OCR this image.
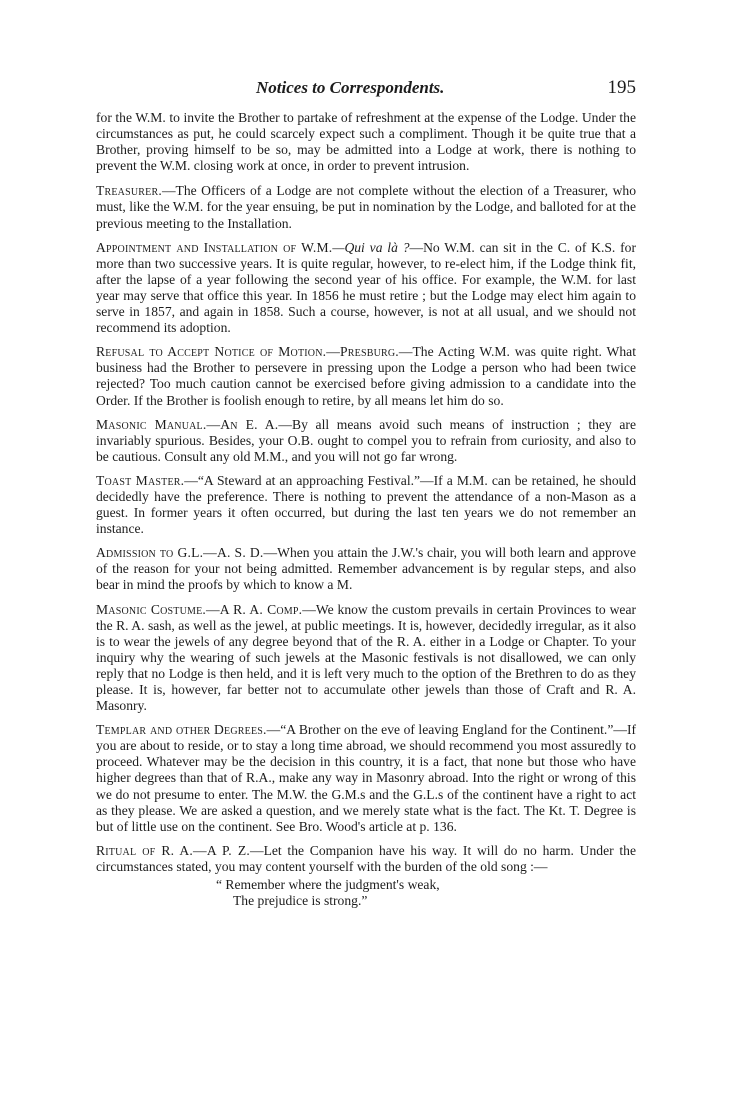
Notices to Correspondents.	195

for the W.M. to invite the Brother to partake of refreshment at the expense of the Lodge. Under the circumstances as put, he could scarcely expect such a compliment. Though it be quite true that a Brother, proving himself to be so, may be admitted into a Lodge at work, there is nothing to prevent the W.M. closing work at once, in order to prevent intrusion.

Treasurer.—The Officers of a Lodge are not complete without the election of a Treasurer, who must, like the W.M. for the year ensuing, be put in nomination by the Lodge, and balloted for at the previous meeting to the Installation.

Appointment and Installation of W.M.—Qui va là ?—No W.M. can sit in the C. of K.S. for more than two successive years. It is quite regular, however, to re-elect him, if the Lodge think fit, after the lapse of a year following the second year of his office. For example, the W.M. for last year may serve that office this year. In 1856 he must retire ; but the Lodge may elect him again to serve in 1857, and again in 1858. Such a course, however, is not at all usual, and we should not recommend its adoption.

Refusal to Accept Notice of Motion.—Presburg.—The Acting W.M. was quite right. What business had the Brother to persevere in pressing upon the Lodge a person who had been twice rejected? Too much caution cannot be exercised before giving admission to a candidate into the Order. If the Brother is foolish enough to retire, by all means let him do so.

Masonic Manual.—An E. A.—By all means avoid such means of instruction ; they are invariably spurious. Besides, your O.B. ought to compel you to refrain from curiosity, and also to be cautious. Consult any old M.M., and you will not go far wrong.

Toast Master.—“A Steward at an approaching Festival.”—If a M.M. can be retained, he should decidedly have the preference. There is nothing to prevent the attendance of a non-Mason as a guest. In former years it often occurred, but during the last ten years we do not remember an instance.

Admission to G.L.—A. S. D.—When you attain the J.W.'s chair, you will both learn and approve of the reason for your not being admitted. Remember advancement is by regular steps, and also bear in mind the proofs by which to know a M.

Masonic Costume.—A R. A. Comp.—We know the custom prevails in certain Provinces to wear the R. A. sash, as well as the jewel, at public meetings. It is, however, decidedly irregular, as it also is to wear the jewels of any degree beyond that of the R. A. either in a Lodge or Chapter. To your inquiry why the wearing of such jewels at the Masonic festivals is not disallowed, we can only reply that no Lodge is then held, and it is left very much to the option of the Brethren to do as they please. It is, however, far better not to accumulate other jewels than those of Craft and R. A. Masonry.

Templar and other Degrees.—“A Brother on the eve of leaving England for the Continent.”—If you are about to reside, or to stay a long time abroad, we should recommend you most assuredly to proceed. Whatever may be the decision in this country, it is a fact, that none but those who have higher degrees than that of R.A., make any way in Masonry abroad. Into the right or wrong of this we do not presume to enter. The M.W. the G.M.s and the G.L.s of the continent have a right to act as they please. We are asked a question, and we merely state what is the fact. The Kt. T. Degree is but of little use on the continent. See Bro. Wood's article at p. 136.

Ritual of R. A.—A P. Z.—Let the Companion have his way. It will do no harm. Under the circumstances stated, you may content yourself with the burden of the old song :—

“ Remember where the judgment's weak,
The prejudice is strong.”
